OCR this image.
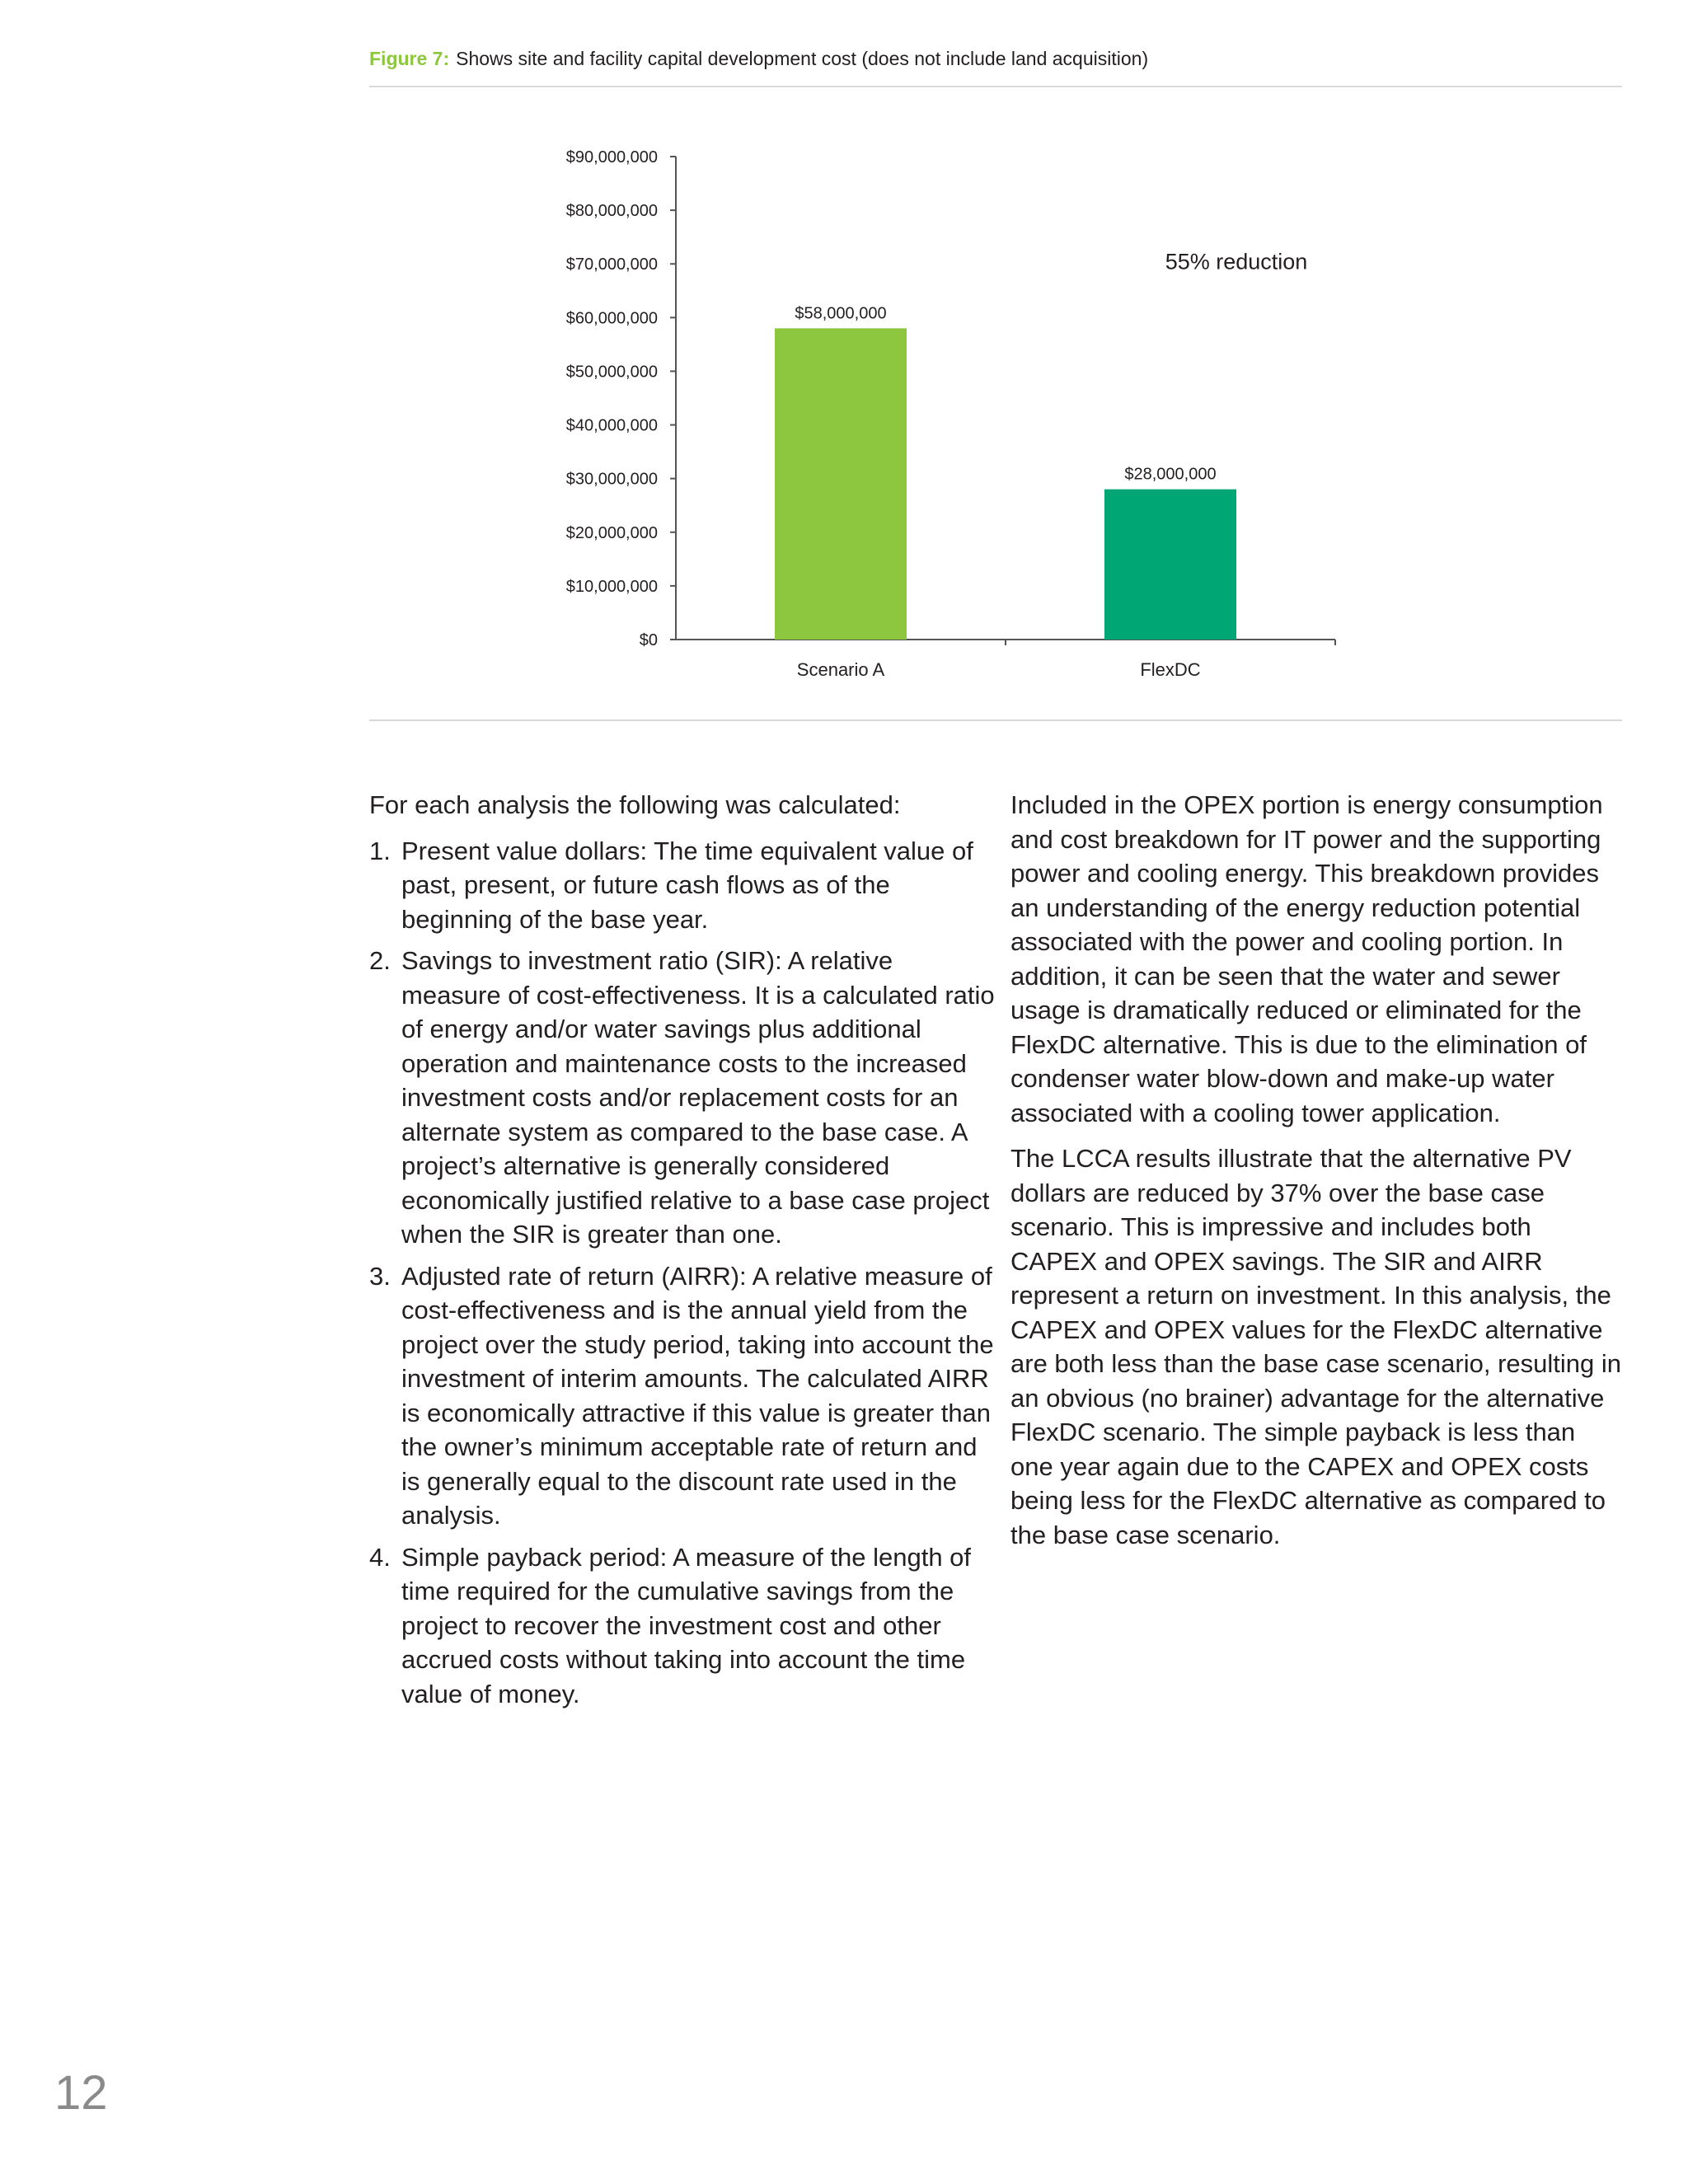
Figure 7: Shows site and facility capital development cost (does not include land acquisition)
$0
$10,000,000
$20,000,000
$30,000,000
$40,000,000
$50,000,000
$60,000,000
$70,000,000
$80,000,000
$90,000,000
$58,000,000
Scenario A
$28,000,000
FlexDC
55% reduction

For each analysis the following was calculated:

1. Present value dollars: The time equivalent value of past, present, or future cash flows as of the beginning of the base year.
2. Savings to investment ratio (SIR): A relative measure of cost-effectiveness. It is a calculated ratio of energy and/or water savings plus additional operation and maintenance costs to the increased investment costs and/or replacement costs for an alternate system as compared to the base case. A project’s alternative is generally considered economically justified relative to a base case project when the SIR is greater than one.
3. Adjusted rate of return (AIRR): A relative measure of cost-effectiveness and is the annual yield from the project over the study period, taking into account the investment of interim amounts. The calculated AIRR is economically attractive if this value is greater than the owner’s minimum acceptable rate of return and is generally equal to the discount rate used in the analysis.
4. Simple payback period: A measure of the length of time required for the cumulative savings from the project to recover the investment cost and other accrued costs without taking into account the time value of money.

Included in the OPEX portion is energy consumption and cost breakdown for IT power and the supporting power and cooling energy. This breakdown provides an understanding of the energy reduction potential associated with the power and cooling portion. In addition, it can be seen that the water and sewer usage is dramatically reduced or eliminated for the FlexDC alternative. This is due to the elimination of condenser water blow-down and make-up water associated with a cooling tower application.

The LCCA results illustrate that the alternative PV dollars are reduced by 37% over the base case scenario. This is impressive and includes both CAPEX and OPEX savings. The SIR and AIRR represent a return on investment. In this analysis, the CAPEX and OPEX values for the FlexDC alternative are both less than the base case scenario, resulting in an obvious (no brainer) advantage for the alternative FlexDC scenario. The simple payback is less than one year again due to the CAPEX and OPEX costs being less for the FlexDC alternative as compared to the base case scenario.

12
